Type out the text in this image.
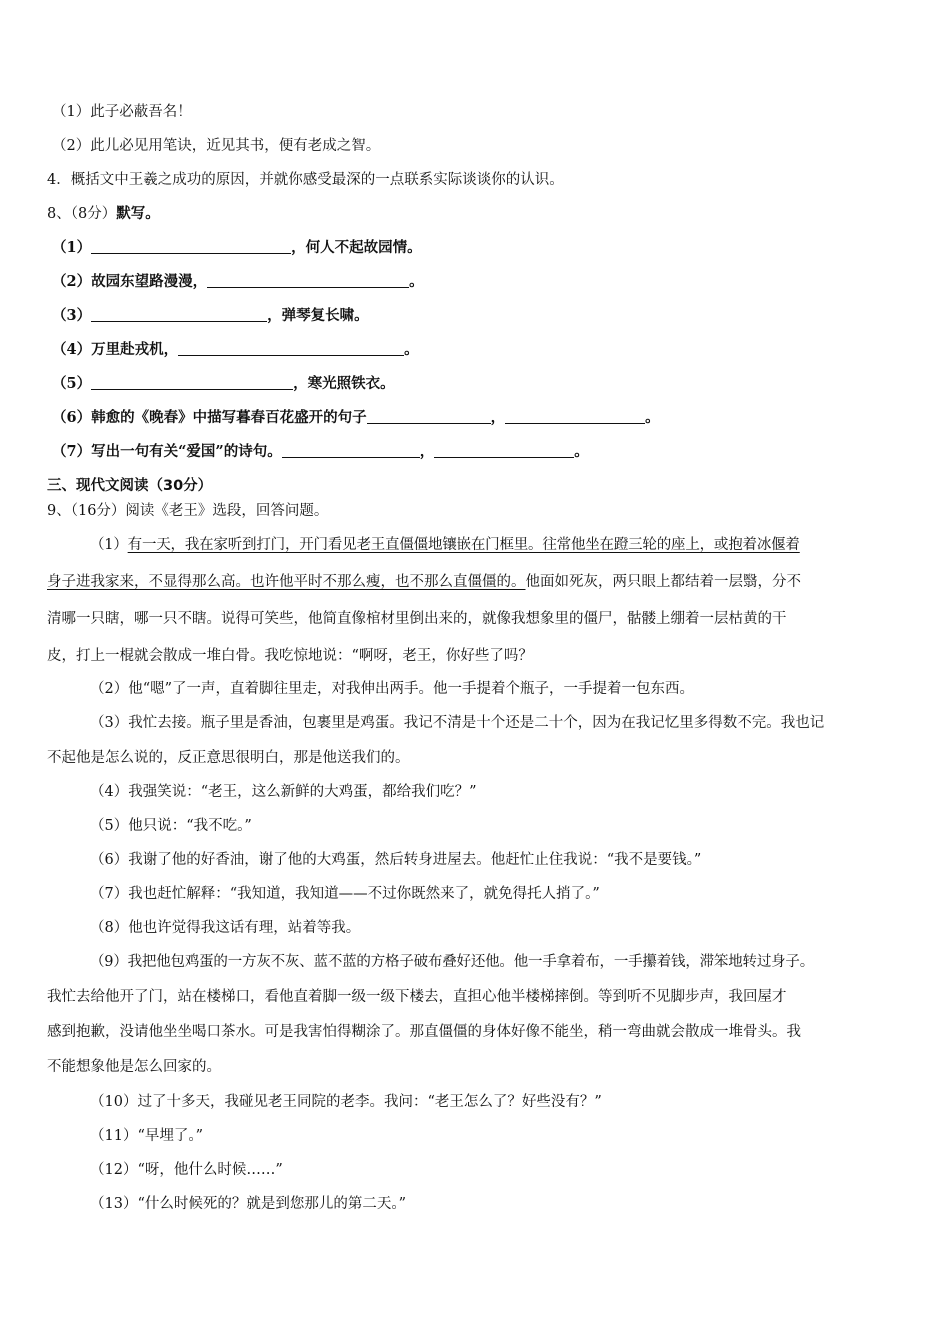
（1）此子必蔽吾名！
（2）此儿必见用笔诀，近见其书，便有老成之智。
4．概括文中王羲之成功的原因，并就你感受最深的一点联系实际谈谈你的认识。
8、（8分）默写。
（1）	，何人不起故园情。
（2）故园东望路漫漫，	。
（3）	，弹琴复长啸。
（4）万里赴戎机，	。
（5）	，寒光照铁衣。
（6）韩愈的《晚春》中描写暮春百花盛开的句子	，	。
（7）写出一句有关“爱国”的诗句。	，	。
三、现代文阅读（30分）
9、（16分）阅读《老王》选段，回答问题。
（1）有一天，我在家听到打门，开门看见老王直僵僵地镶嵌在门框里。往常他坐在蹬三轮的座上，或抱着冰偃着
身子进我家来，不显得那么高。也许他平时不那么瘦，也不那么直僵僵的。他面如死灰，两只眼上都结着一层翳，分不
清哪一只瞎，哪一只不瞎。说得可笑些，他简直像棺材里倒出来的，就像我想象里的僵尸，骷髅上绷着一层枯黄的干
皮，打上一棍就会散成一堆白骨。我吃惊地说：“啊呀，老王，你好些了吗？
（2）他“嗯”了一声，直着脚往里走，对我伸出两手。他一手提着个瓶子，一手提着一包东西。
（3）我忙去接。瓶子里是香油，包裹里是鸡蛋。我记不清是十个还是二十个，因为在我记忆里多得数不完。我也记
不起他是怎么说的，反正意思很明白，那是他送我们的。
（4）我强笑说：“老王，这么新鲜的大鸡蛋，都给我们吃？”
（5）他只说：“我不吃。”
（6）我谢了他的好香油，谢了他的大鸡蛋，然后转身进屋去。他赶忙止住我说：“我不是要钱。”
（7）我也赶忙解释：“我知道，我知道——不过你既然来了，就免得托人捎了。”
（8）他也许觉得我这话有理，站着等我。
（9）我把他包鸡蛋的一方灰不灰、蓝不蓝的方格子破布叠好还他。他一手拿着布，一手攥着钱，滞笨地转过身子。
我忙去给他开了门，站在楼梯口，看他直着脚一级一级下楼去，直担心他半楼梯摔倒。等到听不见脚步声，我回屋才
感到抱歉，没请他坐坐喝口茶水。可是我害怕得糊涂了。那直僵僵的身体好像不能坐，稍一弯曲就会散成一堆骨头。我
不能想象他是怎么回家的。
（10）过了十多天，我碰见老王同院的老李。我问：“老王怎么了？好些没有？”
（11）“早埋了。”
（12）“呀，他什么时候……”
（13）“什么时候死的？就是到您那儿的第二天。”
